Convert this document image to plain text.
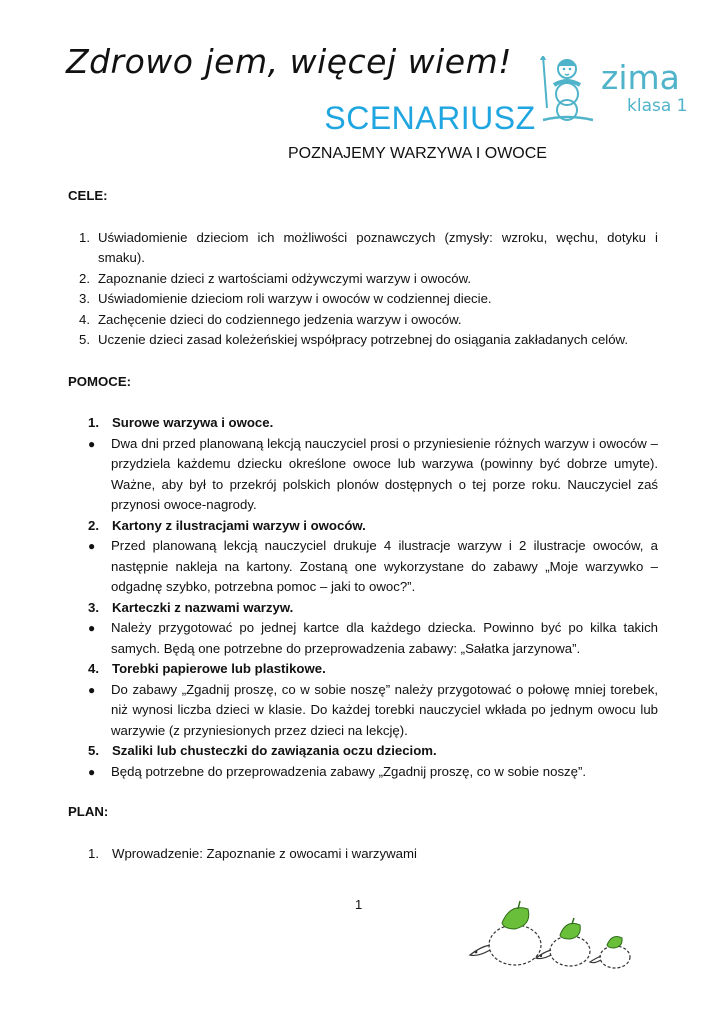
Zdrowo jem, więcej wiem!	zima
klasa 1
SCENARIUSZ
POZNAJEMY WARZYWA I OWOCE

CELE:

1. Uświadomienie dzieciom ich możliwości poznawczych (zmysły: wzroku, węchu, dotyku i smaku).
2. Zapoznanie dzieci z wartościami odżywczymi warzyw i owoców.
3. Uświadomienie dzieciom roli warzyw i owoców w codziennej diecie.
4. Zachęcenie dzieci do codziennego jedzenia warzyw i owoców.
5. Uczenie dzieci zasad koleżeńskiej współpracy potrzebnej do osiągania zakładanych celów.

POMOCE:

1. Surowe warzywa i owoce.
● Dwa dni przed planowaną lekcją nauczyciel prosi o przyniesienie różnych warzyw i owoców – przydziela każdemu dziecku określone owoce lub warzywa (powinny być dobrze umyte). Ważne, aby był to przekrój polskich plonów dostępnych o tej porze roku. Nauczyciel zaś przynosi owoce-nagrody.
2. Kartony z ilustracjami warzyw i owoców.
● Przed planowaną lekcją nauczyciel drukuje 4 ilustracje warzyw i 2 ilustracje owoców, a następnie nakleja na kartony. Zostaną one wykorzystane do zabawy „Moje warzywko – odgadnę szybko, potrzebna pomoc – jaki to owoc?”.
3. Karteczki z nazwami warzyw.
● Należy przygotować po jednej kartce dla każdego dziecka. Powinno być po kilka takich samych. Będą one potrzebne do przeprowadzenia zabawy: „Sałatka jarzynowa”.
4. Torebki papierowe lub plastikowe.
● Do zabawy „Zgadnij proszę, co w sobie noszę” należy przygotować o połowę mniej torebek, niż wynosi liczba dzieci w klasie. Do każdej torebki nauczyciel wkłada po jednym owocu lub warzywie (z przyniesionych przez dzieci na lekcję).
5. Szaliki lub chusteczki do zawiązania oczu dzieciom.
● Będą potrzebne do przeprowadzenia zabawy „Zgadnij proszę, co w sobie noszę”.

PLAN:

1. Wprowadzenie: Zapoznanie z owocami i warzywami
1
